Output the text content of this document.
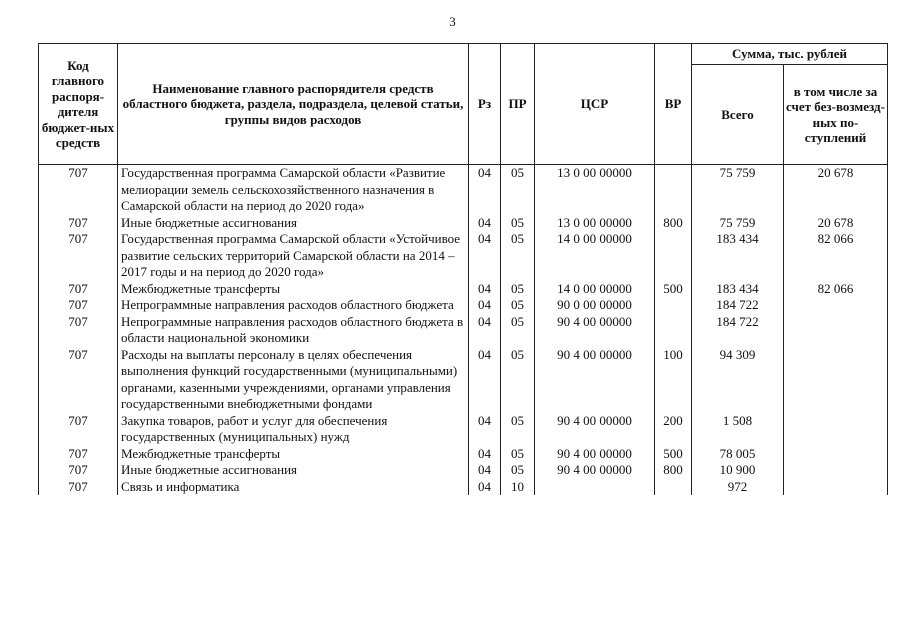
3
Код главного распоря-дителя бюджет-ных средств	Наименование главного распорядителя средств областного бюджета, раздела, подраздела, целевой статьи, группы видов расходов	Рз	ПР	ЦСР	ВР	Сумма, тыс. рублей	
						Всего	в том числе за счет без-возмезд-ных по-ступлений
707	Государственная программа Самарской области «Развитие мелиорации земель сельскохозяйственного назначения в Самарской области на период до 2020 года»	04	05	13 0 00 00000		75 759	20 678
707	Иные бюджетные ассигнования	04	05	13 0 00 00000	800	75 759	20 678
707	Государственная программа Самарской области «Устойчивое развитие сельских территорий Самарской области на 2014 – 2017 годы и на период до 2020 года»	04	05	14 0 00 00000		183 434	82 066
707	Межбюджетные трансферты	04	05	14 0 00 00000	500	183 434	82 066
707	Непрограммные направления расходов областного бюджета	04	05	90 0 00 00000		184 722	
707	Непрограммные направления расходов областного бюджета в области национальной экономики	04	05	90 4 00 00000		184 722	
707	Расходы на выплаты персоналу в целях обеспечения выполнения функций государственными (муниципальными) органами, казенными учреждениями, органами управления государственными внебюджетными фондами	04	05	90 4 00 00000	100	94 309	
707	Закупка товаров, работ и услуг для обеспечения государственных (муниципальных) нужд	04	05	90 4 00 00000	200	1 508	
707	Межбюджетные трансферты	04	05	90 4 00 00000	500	78 005	
707	Иные бюджетные ассигнования	04	05	90 4 00 00000	800	10 900	
707	Связь и информатика	04	10			972	
